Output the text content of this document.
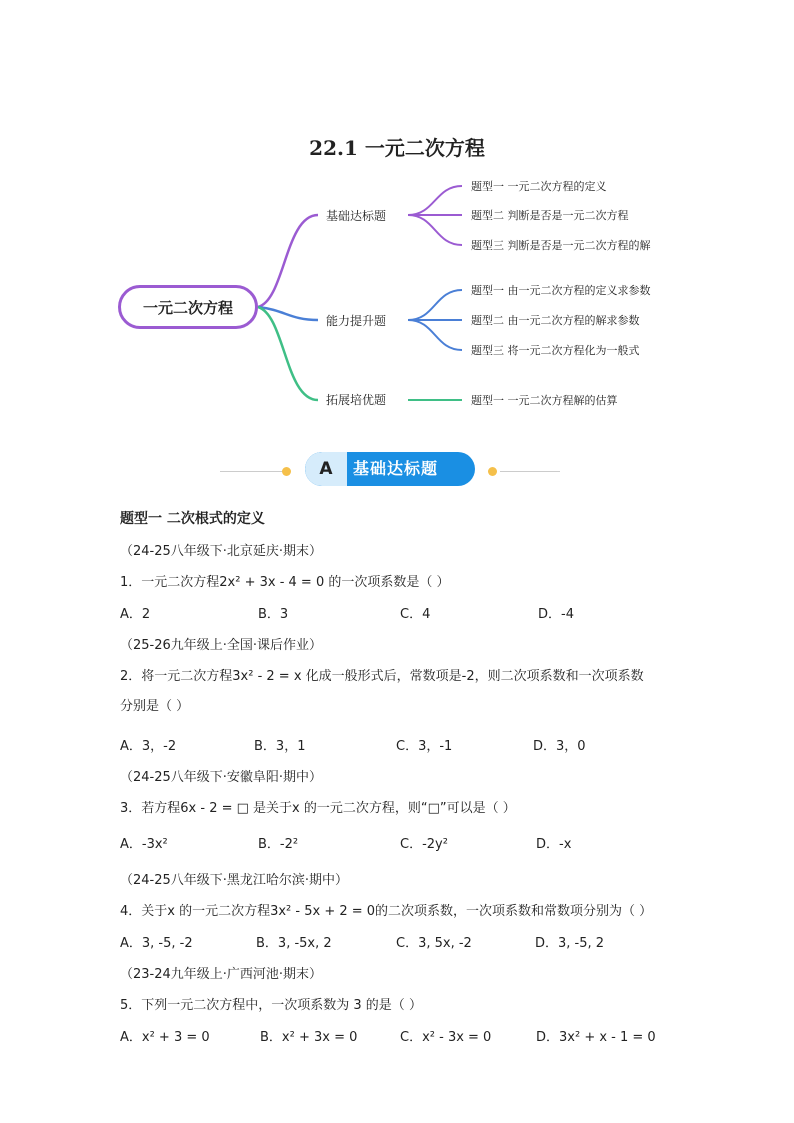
22.1 一元二次方程
一元二次方程
基础达标题
能力提升题
拓展培优题
题型一 一元二次方程的定义
题型二 判断是否是一元二次方程
题型三 判断是否是一元二次方程的解
题型一 由一元二次方程的定义求参数
题型二 由一元二次方程的解求参数
题型三 将一元二次方程化为一般式
题型一 一元二次方程解的估算
A	基础达标题
题型一 二次根式的定义
（24-25八年级下·北京延庆·期末）
1．一元二次方程2x² + 3x - 4 = 0 的一次项系数是（ ）
A．2	B．3	C．4	D．-4
（25-26九年级上·全国·课后作业）
2．将一元二次方程3x² - 2 = x 化成一般形式后，常数项是-2，则二次项系数和一次项系数
分别是（ ）
A．3，-2	B．3，1	C．3，-1	D．3，0
（24-25八年级下·安徽阜阳·期中）
3．若方程6x - 2 = □ 是关于x 的一元二次方程，则“□”可以是（ ）
A．-3x²	B．-2²	C．-2y²	D．-x
（24-25八年级下·黑龙江哈尔滨·期中）
4．关于x 的一元二次方程3x² - 5x + 2 = 0的二次项系数，一次项系数和常数项分别为（ ）
A．3, -5, -2	B．3, -5x, 2	C．3, 5x, -2	D．3, -5, 2
（23-24九年级上·广西河池·期末）
5．下列一元二次方程中，一次项系数为 3 的是（ ）
A．x² + 3 = 0	B．x² + 3x = 0	C．x² - 3x = 0	D．3x² + x - 1 = 0
